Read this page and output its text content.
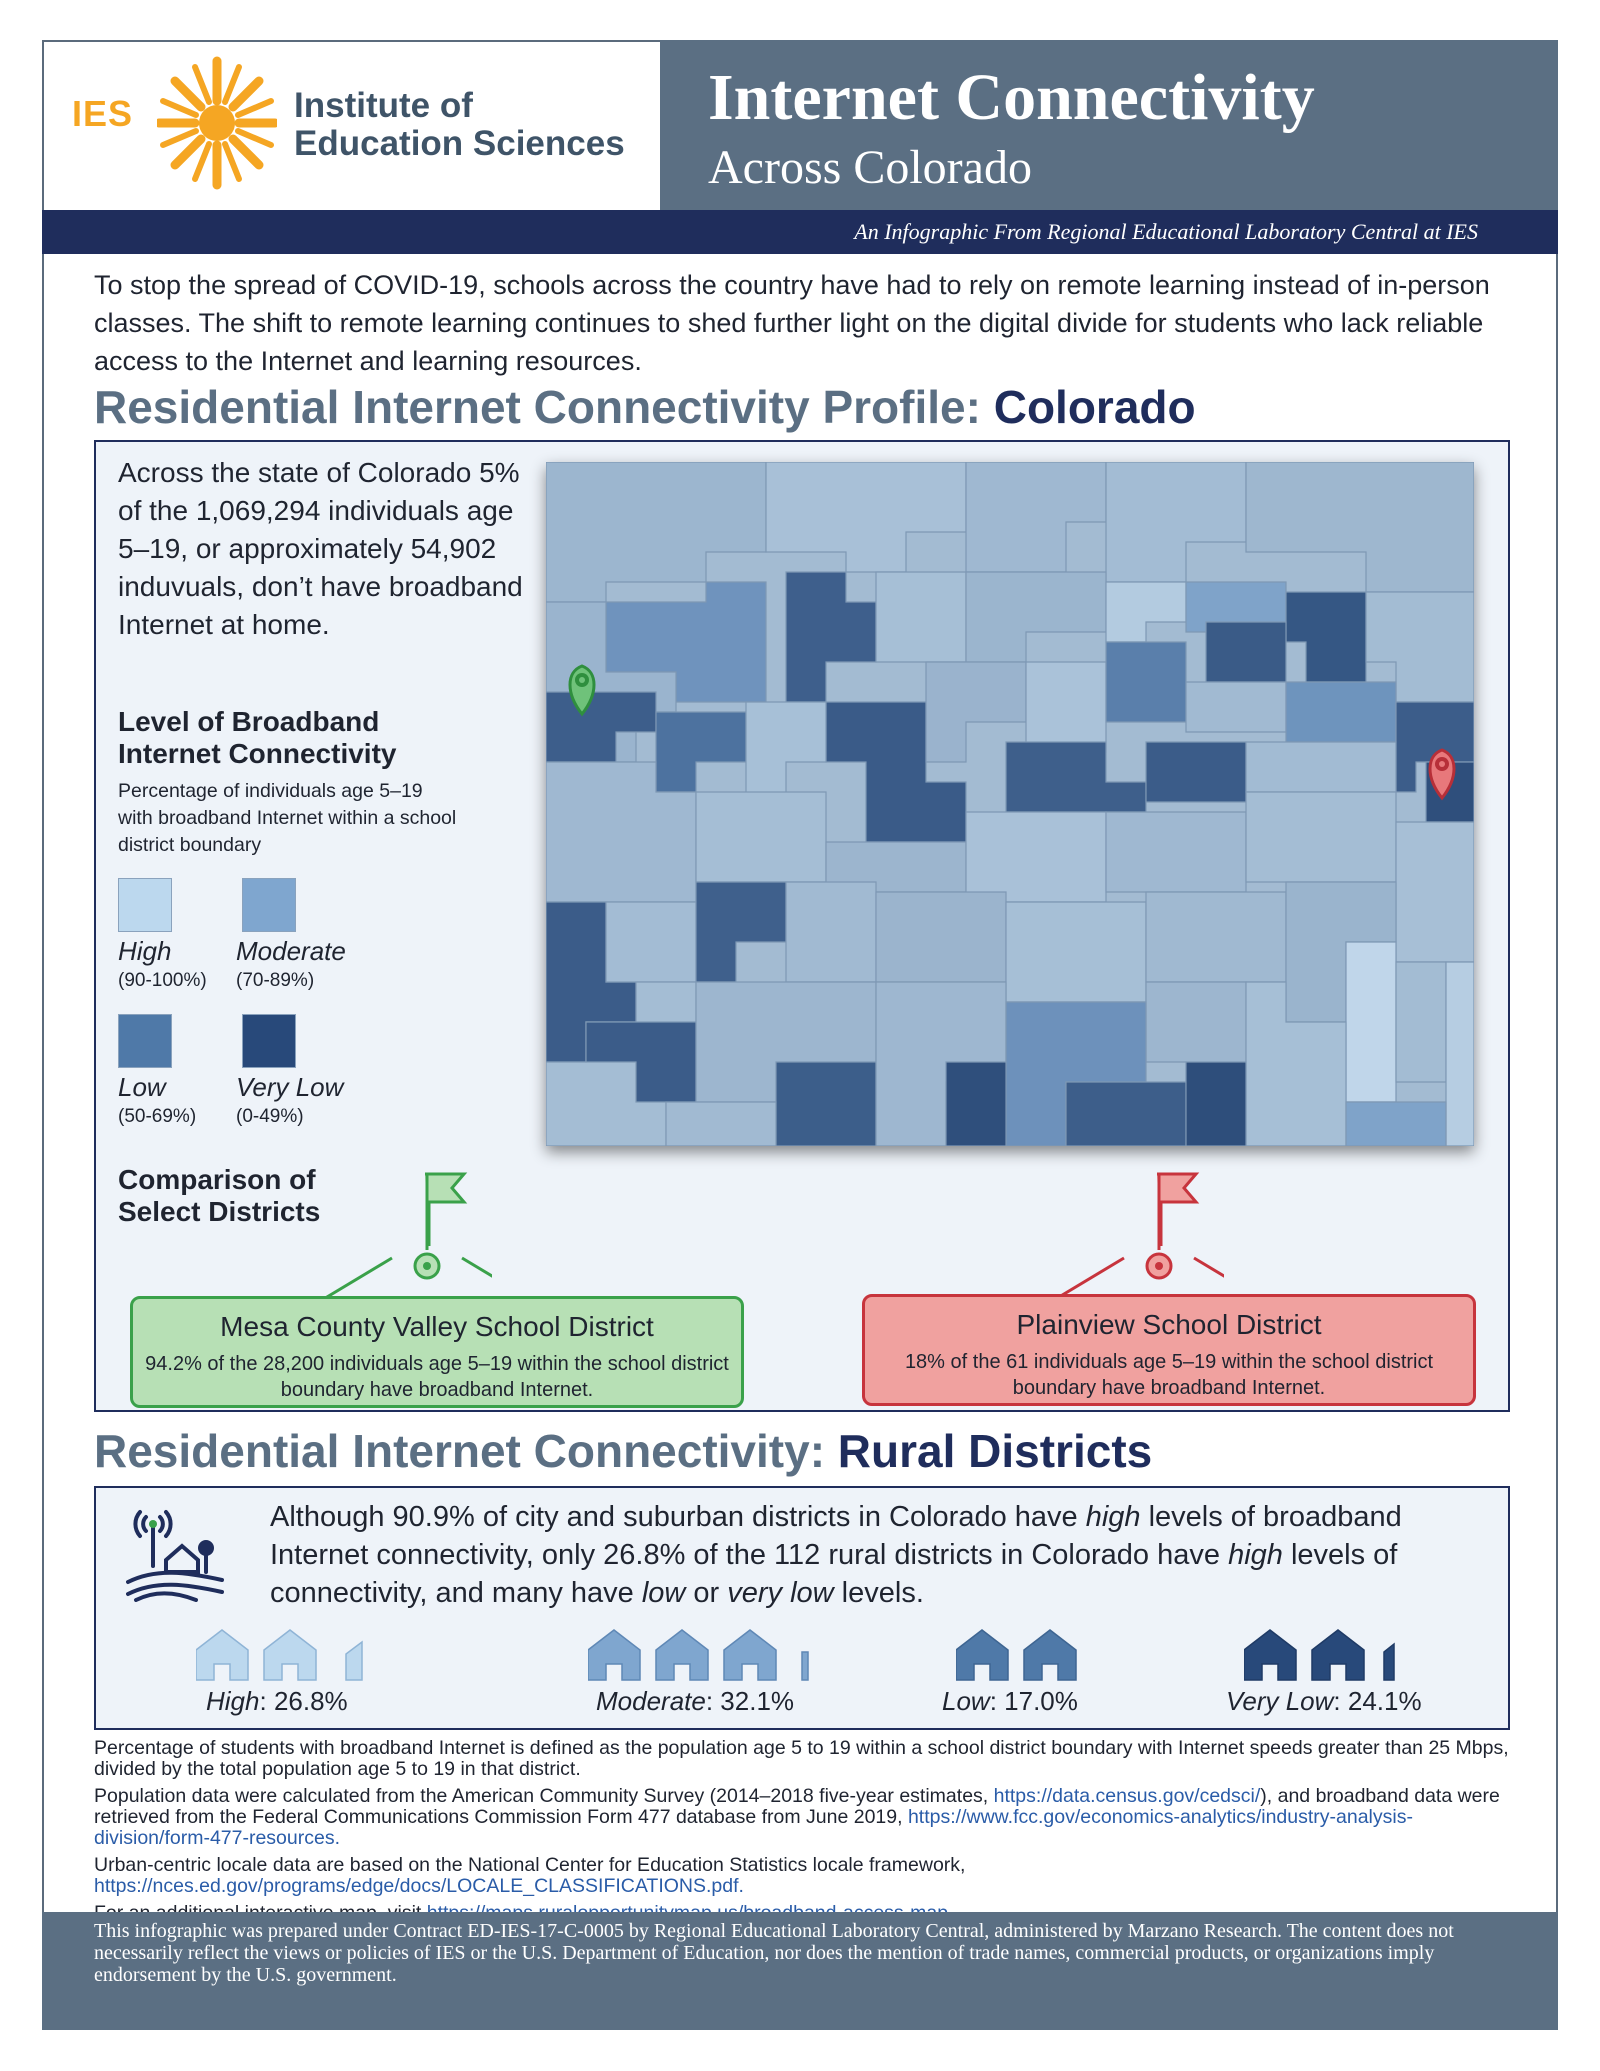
IES	Institute of
Education Sciences
Internet Connectivity
Across Colorado
An Infographic From Regional Educational Laboratory Central at IES
To stop the spread of COVID-19, schools across the country have had to rely on remote learning instead of in-person classes. The shift to remote learning continues to shed further light on the digital divide for students who lack reliable access to the Internet and learning resources.
Residential Internet Connectivity Profile: Colorado
Across the state of Colorado 5% of the 1,069,294 individuals age 5–19, or approximately 54,902 induvuals, don’t have broadband Internet at home.
Level of Broadband Internet Connectivity
Percentage of individuals age 5–19 with broadband Internet within a school district boundary
High
(90-100%)
Moderate
(70-89%)
Low
(50-69%)
Very Low
(0-49%)
Comparison of Select Districts
Mesa County Valley School District
94.2% of the 28,200 individuals age 5–19 within the school district boundary have broadband Internet.
Plainview School District
18% of the 61 individuals age 5–19 within the school district boundary have broadband Internet.
Residential Internet Connectivity: Rural Districts
Although 90.9% of city and suburban districts in Colorado have high levels of broadband Internet connectivity, only 26.8% of the 112 rural districts in Colorado have high levels of connectivity, and many have low or very low levels.
High: 26.8%	Moderate: 32.1%	Low: 17.0%	Very Low: 24.1%

Percentage of students with broadband Internet is defined as the population age 5 to 19 within a school district boundary with Internet speeds greater than 25 Mbps, divided by the total population age 5 to 19 in that district.

Population data were calculated from the American Community Survey (2014–2018 five-year estimates, https://data.census.gov/cedsci/), and broadband data were retrieved from the Federal Communications Commission Form 477 database from June 2019, https://www.fcc.gov/economics-analytics/industry-analysis-division/form-477-resources.

Urban-centric locale data are based on the National Center for Education Statistics locale framework, https://nces.ed.gov/programs/edge/docs/LOCALE_CLASSIFICATIONS.pdf.

This infographic was prepared under Contract ED-IES-17-C-0005 by Regional Educational Laboratory Central, administered by Marzano Research. The content does not necessarily reflect the views or policies of IES or the U.S. Department of Education, nor does the mention of trade names, commercial products, or organizations imply endorsement by the U.S. government.
